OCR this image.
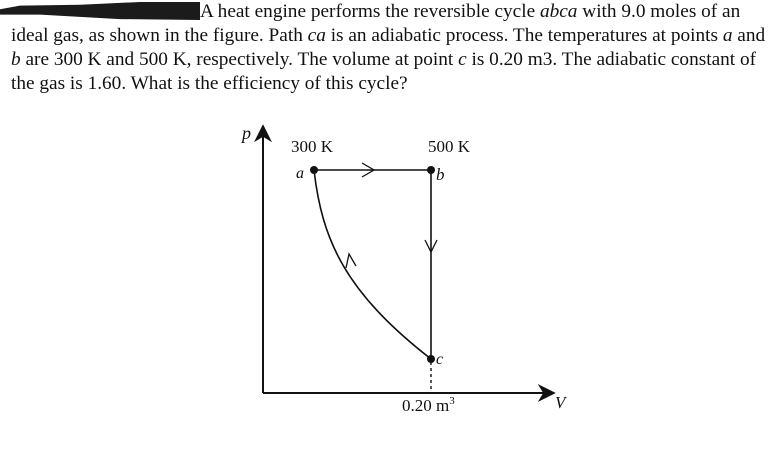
A heat engine performs the reversible cycle abca with 9.0 moles of an ideal gas, as shown in the figure. Path ca is an adiabatic process. The temperatures at points a and b are 300 K and 500 K, respectively. The volume at point c is 0.20 m3. The adiabatic constant of the gas is 1.60. What is the efficiency of this cycle?

p
V
300 K	500 K
a	b
c
0.20 $m^3$
